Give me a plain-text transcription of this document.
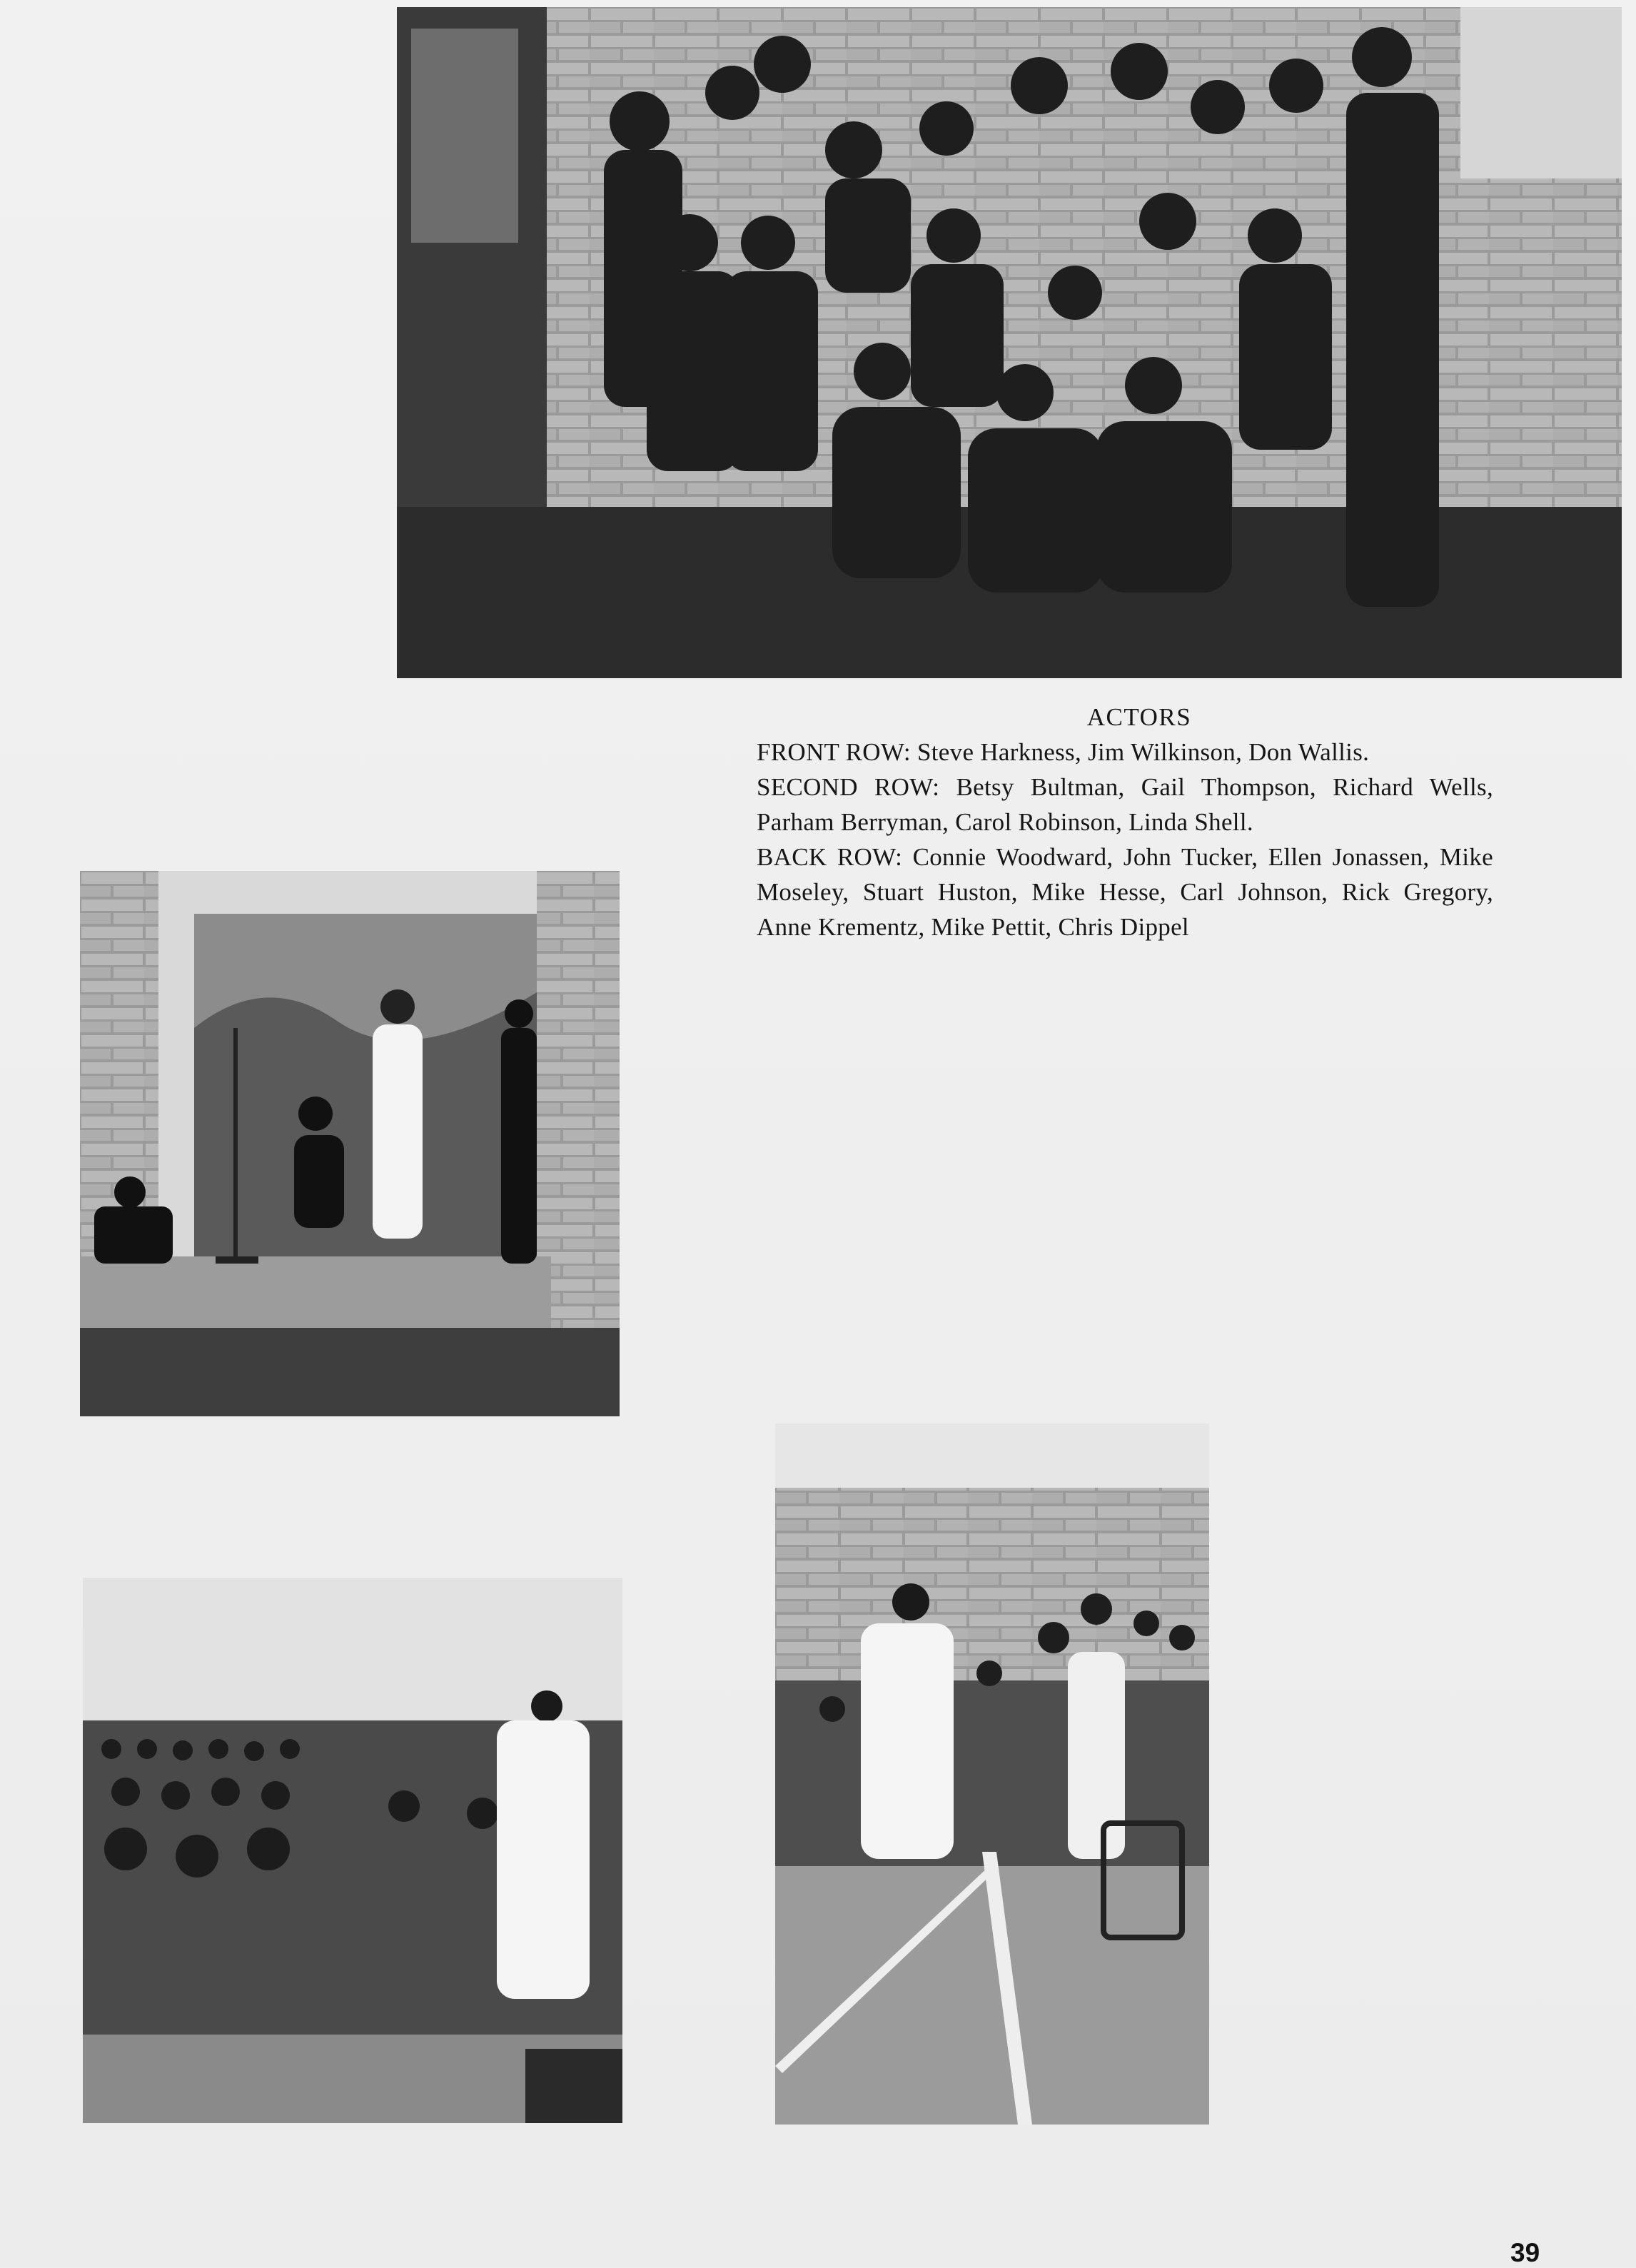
ACTORS
FRONT ROW: Steve Harkness, Jim Wilkinson, Don Wallis.
SECOND ROW: Betsy Bultman, Gail Thompson, Richard Wells, Parham Berryman, Carol Robinson, Linda Shell.
BACK ROW: Connie Woodward, John Tucker, Ellen Jonassen, Mike Moseley, Stuart Huston, Mike Hesse, Carl Johnson, Rick Gregory, Anne Krementz, Mike Pettit, Chris Dippel
39
